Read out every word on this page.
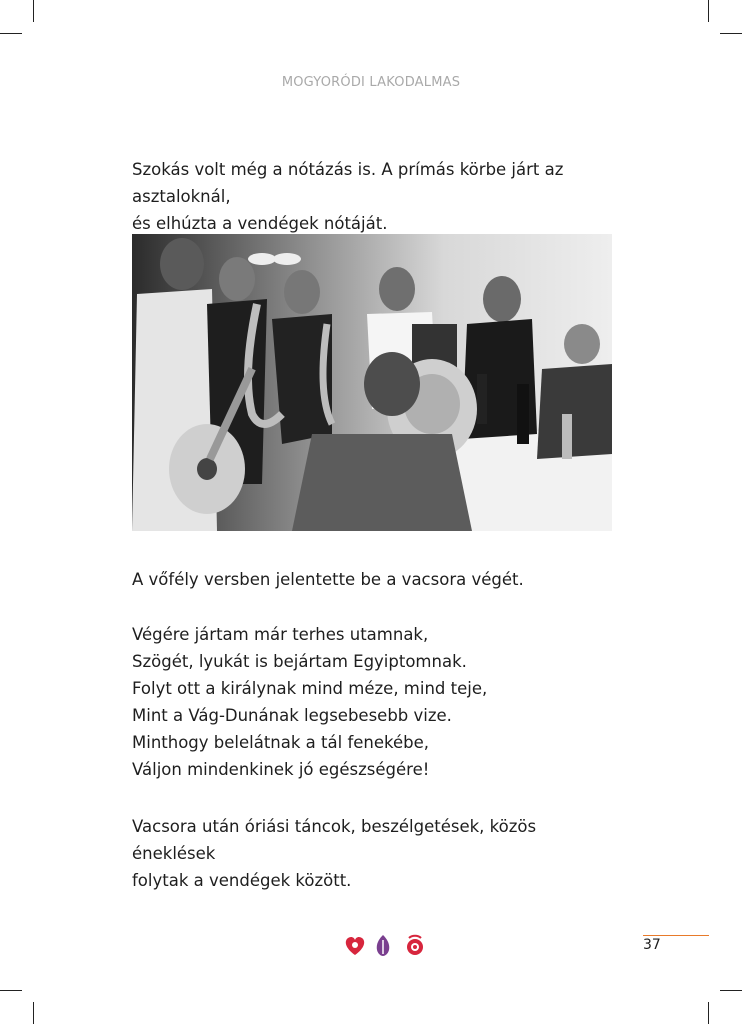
MOGYORÓDI LAKODALMAS

Szokás volt még a nótázás is. A prímás körbe járt az asztaloknál,

és elhúzta a vendégek nótáját.

A vőfély versben jelentette be a vacsora végét.

Végére jártam már terhes utamnak,

Szögét, lyukát is bejártam Egyiptomnak.

Folyt ott a királynak mind méze, mind teje,

Mint a Vág-Dunának legsebesebb vize.

Minthogy belelátnak a tál fenekébe,

Váljon mindenkinek jó egészségére!

Vacsora után óriási táncok, beszélgetések, közös éneklések

folytak a vendégek között.

37
